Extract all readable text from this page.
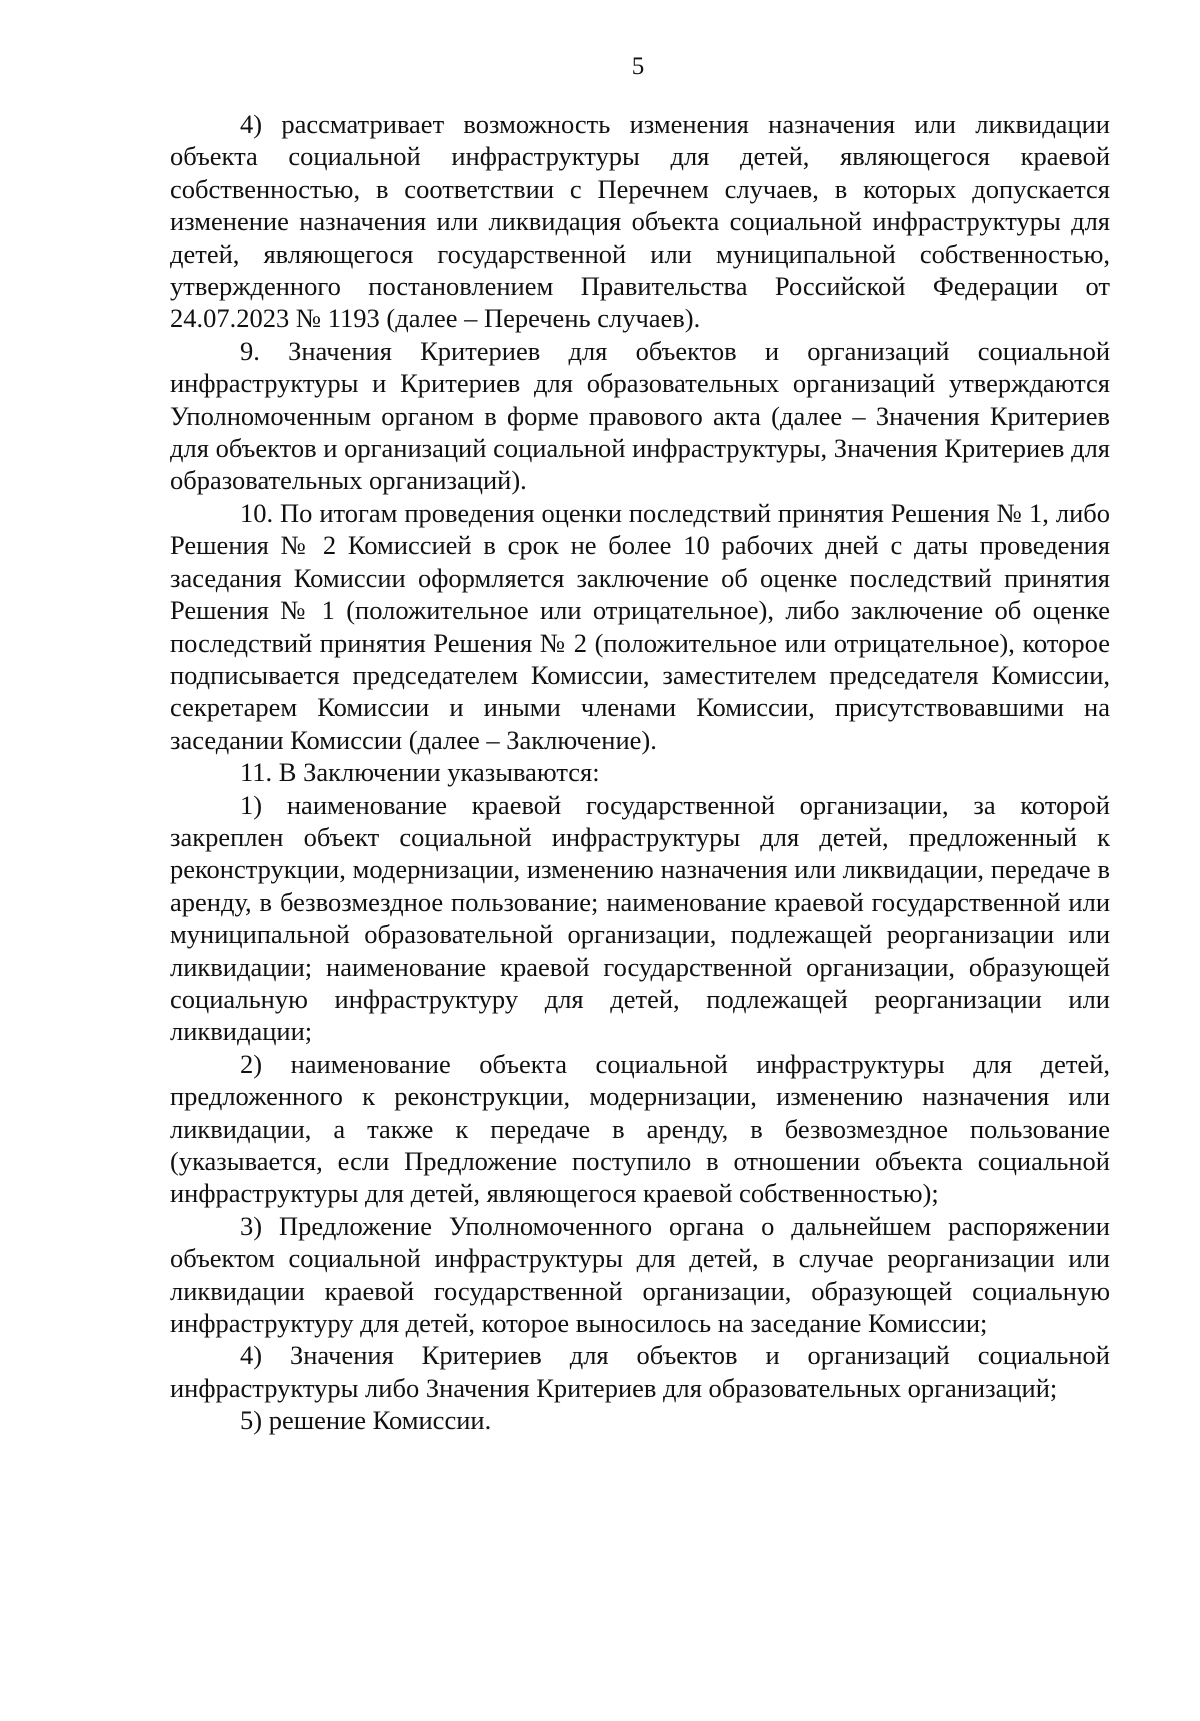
5

4) рассматривает возможность изменения назначения или ликвидации объекта социальной инфраструктуры для детей, являющегося краевой собственностью, в соответствии с Перечнем случаев, в которых допускается изменение назначения или ликвидация объекта социальной инфраструктуры для детей, являющегося государственной или муниципальной собственностью, утвержденного постановлением Правительства Российской Федерации от 24.07.2023 № 1193 (далее – Перечень случаев).

9. Значения Критериев для объектов и организаций социальной инфраструктуры и Критериев для образовательных организаций утверждаются Уполномоченным органом в форме правового акта (далее – Значения Критериев для объектов и организаций социальной инфраструктуры, Значения Критериев для образовательных организаций).

10. По итогам проведения оценки последствий принятия Решения № 1, либо Решения № 2 Комиссией в срок не более 10 рабочих дней с даты проведения заседания Комиссии оформляется заключение об оценке последствий принятия Решения № 1 (положительное или отрицательное), либо заключение об оценке последствий принятия Решения № 2 (положительное или отрицательное), которое подписывается председателем Комиссии, заместителем председателя Комиссии, секретарем Комиссии и иными членами Комиссии, присутствовавшими на заседании Комиссии (далее – Заключение).

11. В Заключении указываются:

1) наименование краевой государственной организации, за которой закреплен объект социальной инфраструктуры для детей, предложенный к реконструкции, модернизации, изменению назначения или ликвидации, передаче в аренду, в безвозмездное пользование; наименование краевой государственной или муниципальной образовательной организации, подлежащей реорганизации или ликвидации; наименование краевой государственной организации, образующей социальную инфраструктуру для детей, подлежащей реорганизации или ликвидации;

2) наименование объекта социальной инфраструктуры для детей, предложенного к реконструкции, модернизации, изменению назначения или ликвидации, а также к передаче в аренду, в безвозмездное пользование (указывается, если Предложение поступило в отношении объекта социальной инфраструктуры для детей, являющегося краевой собственностью);

3) Предложение Уполномоченного органа о дальнейшем распоряжении объектом социальной инфраструктуры для детей, в случае реорганизации или ликвидации краевой государственной организации, образующей социальную инфраструктуру для детей, которое выносилось на заседание Комиссии;

4) Значения Критериев для объектов и организаций социальной инфраструктуры либо Значения Критериев для образовательных организаций;

5) решение Комиссии.
